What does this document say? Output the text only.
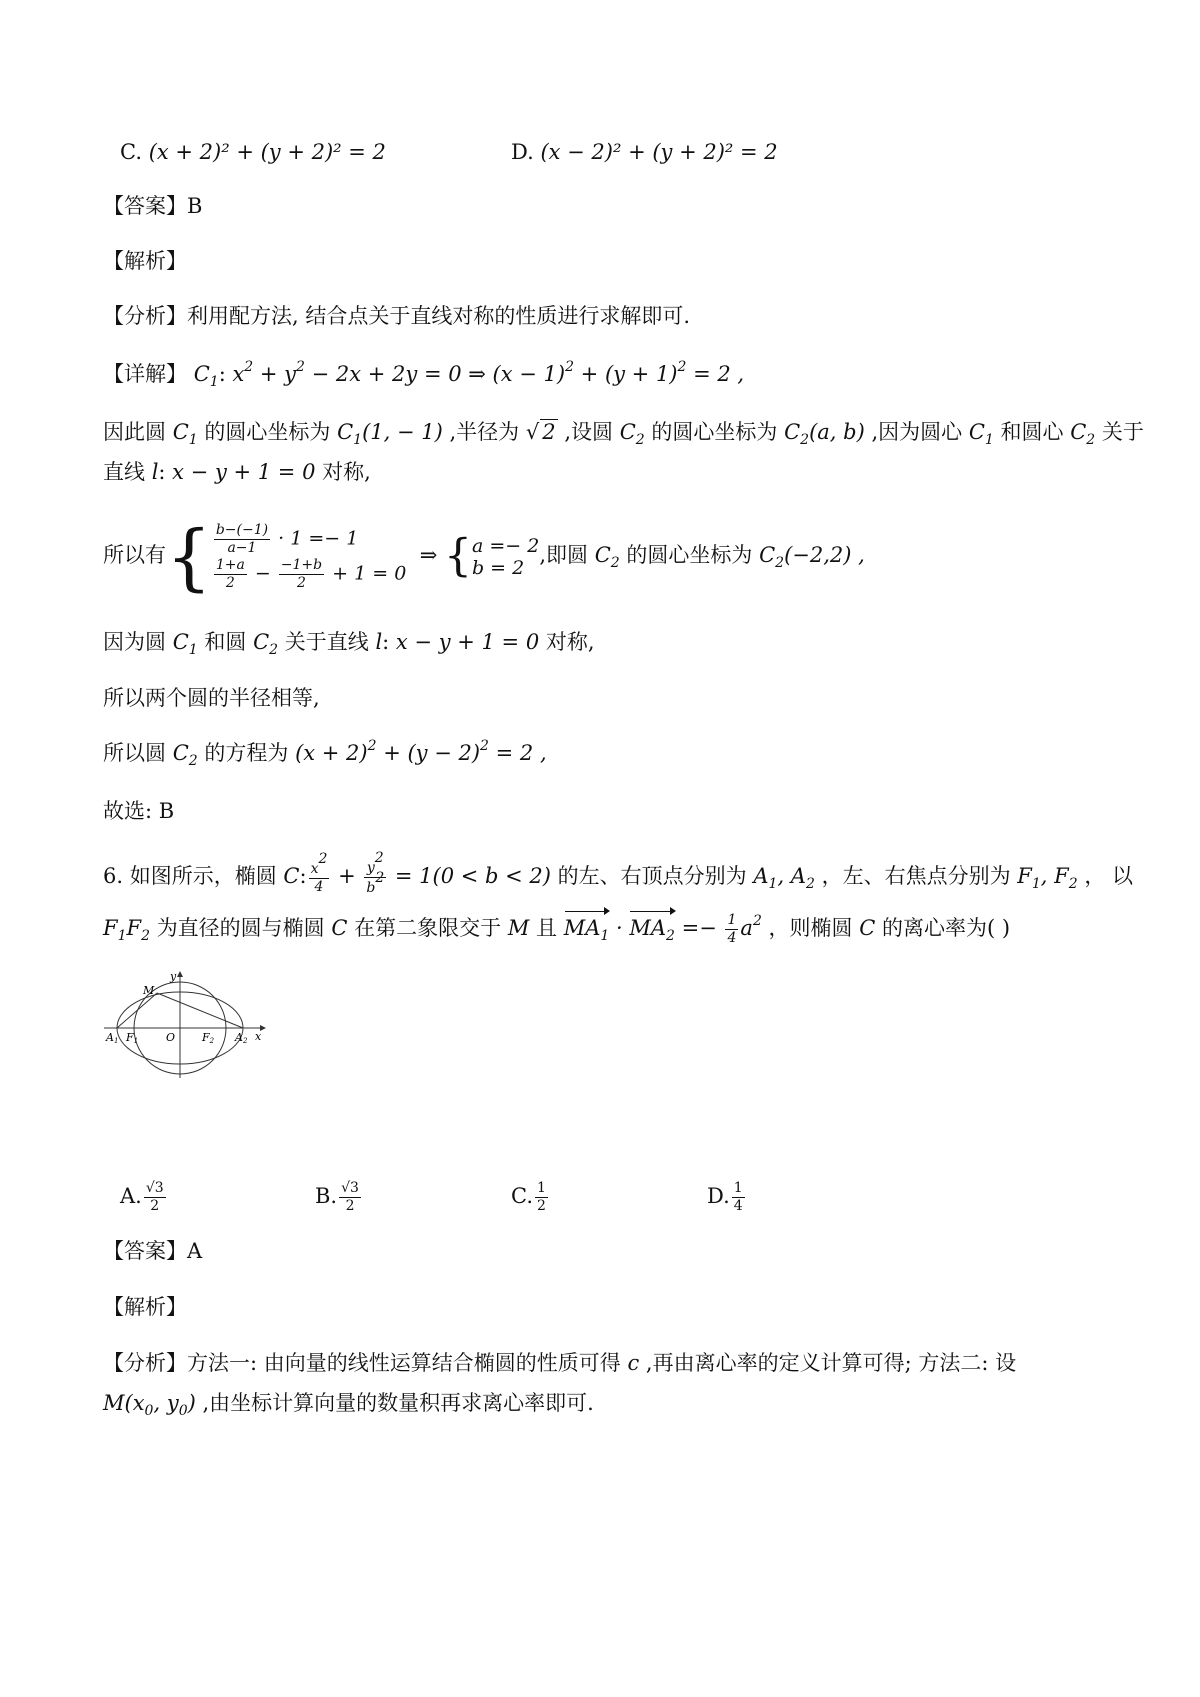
C. (x + 2)² + (y + 2)² = 2	D. (x − 2)² + (y + 2)² = 2
【答案】B
【解析】
【分析】利用配方法, 结合点关于直线对称的性质进行求解即可.
【详解】 $C_1$: $x^2 + y^2 - 2x + 2y = 0$ ⇒ $(x - 1)^2 + (y + 1)^2 = 2$ ,
因此圆 $C_1$ 的圆心坐标为 $C_1(1$, − 1) ,半径为 √ 2 ,设圆 $C_2$ 的圆心坐标为 $C_2(a$, b) ,因为圆心 $C_1$ 和圆心 $C_2$ 关于
直线 l: x − y + 1 = 0 对称,
所以有{ $\frac{b-(-1)}{a-1} \cdot 1 =- 1$
$\frac{1+a}{2} - \frac{-1+b}{2} + 1 = 0$
⇒ { a =− 2
b = 2
,即圆 $C_2$ 的圆心坐标为 $C_2(-2,2)$ ,
因为圆 $C_1$ 和圆 $C_2$ 关于直线 l: x − y + 1 = 0 对称,
所以两个圆的半径相等,
所以圆 $C_2$ 的方程为 $(x + 2)^2 + (y - 2)^2 = 2$ ,
故选: B
6. 如图所示，椭圆 C: $\frac{x^2}{4} + \frac{y^2}{b^2} = 1(0 < b < 2)$ 的左、右顶点分别为 $A_1$, $A_2$ ，左、右焦点分别为 $F_1$, $F_2$ ， 以
$F_1F_2$ 为直径的圆与椭圆 C 在第二象限交于 M 且 $MA_1 \cdot MA_2 =- \frac{1}{4} a^2$ ，则椭圆 C 的离心率为( )
y
x
M
O
A1 F1	F2 A2
A. $\frac{√3}{2}$	B. $\frac{√3}{2}$	C. $\frac{1}{2}$	D. $\frac{1}{4}$
【答案】A
【解析】
【分析】方法一: 由向量的线性运算结合椭圆的性质可得 c ,再由离心率的定义计算可得; 方法二: 设
$M(x_0$, $y_0$) ,由坐标计算向量的数量积再求离心率即可.
